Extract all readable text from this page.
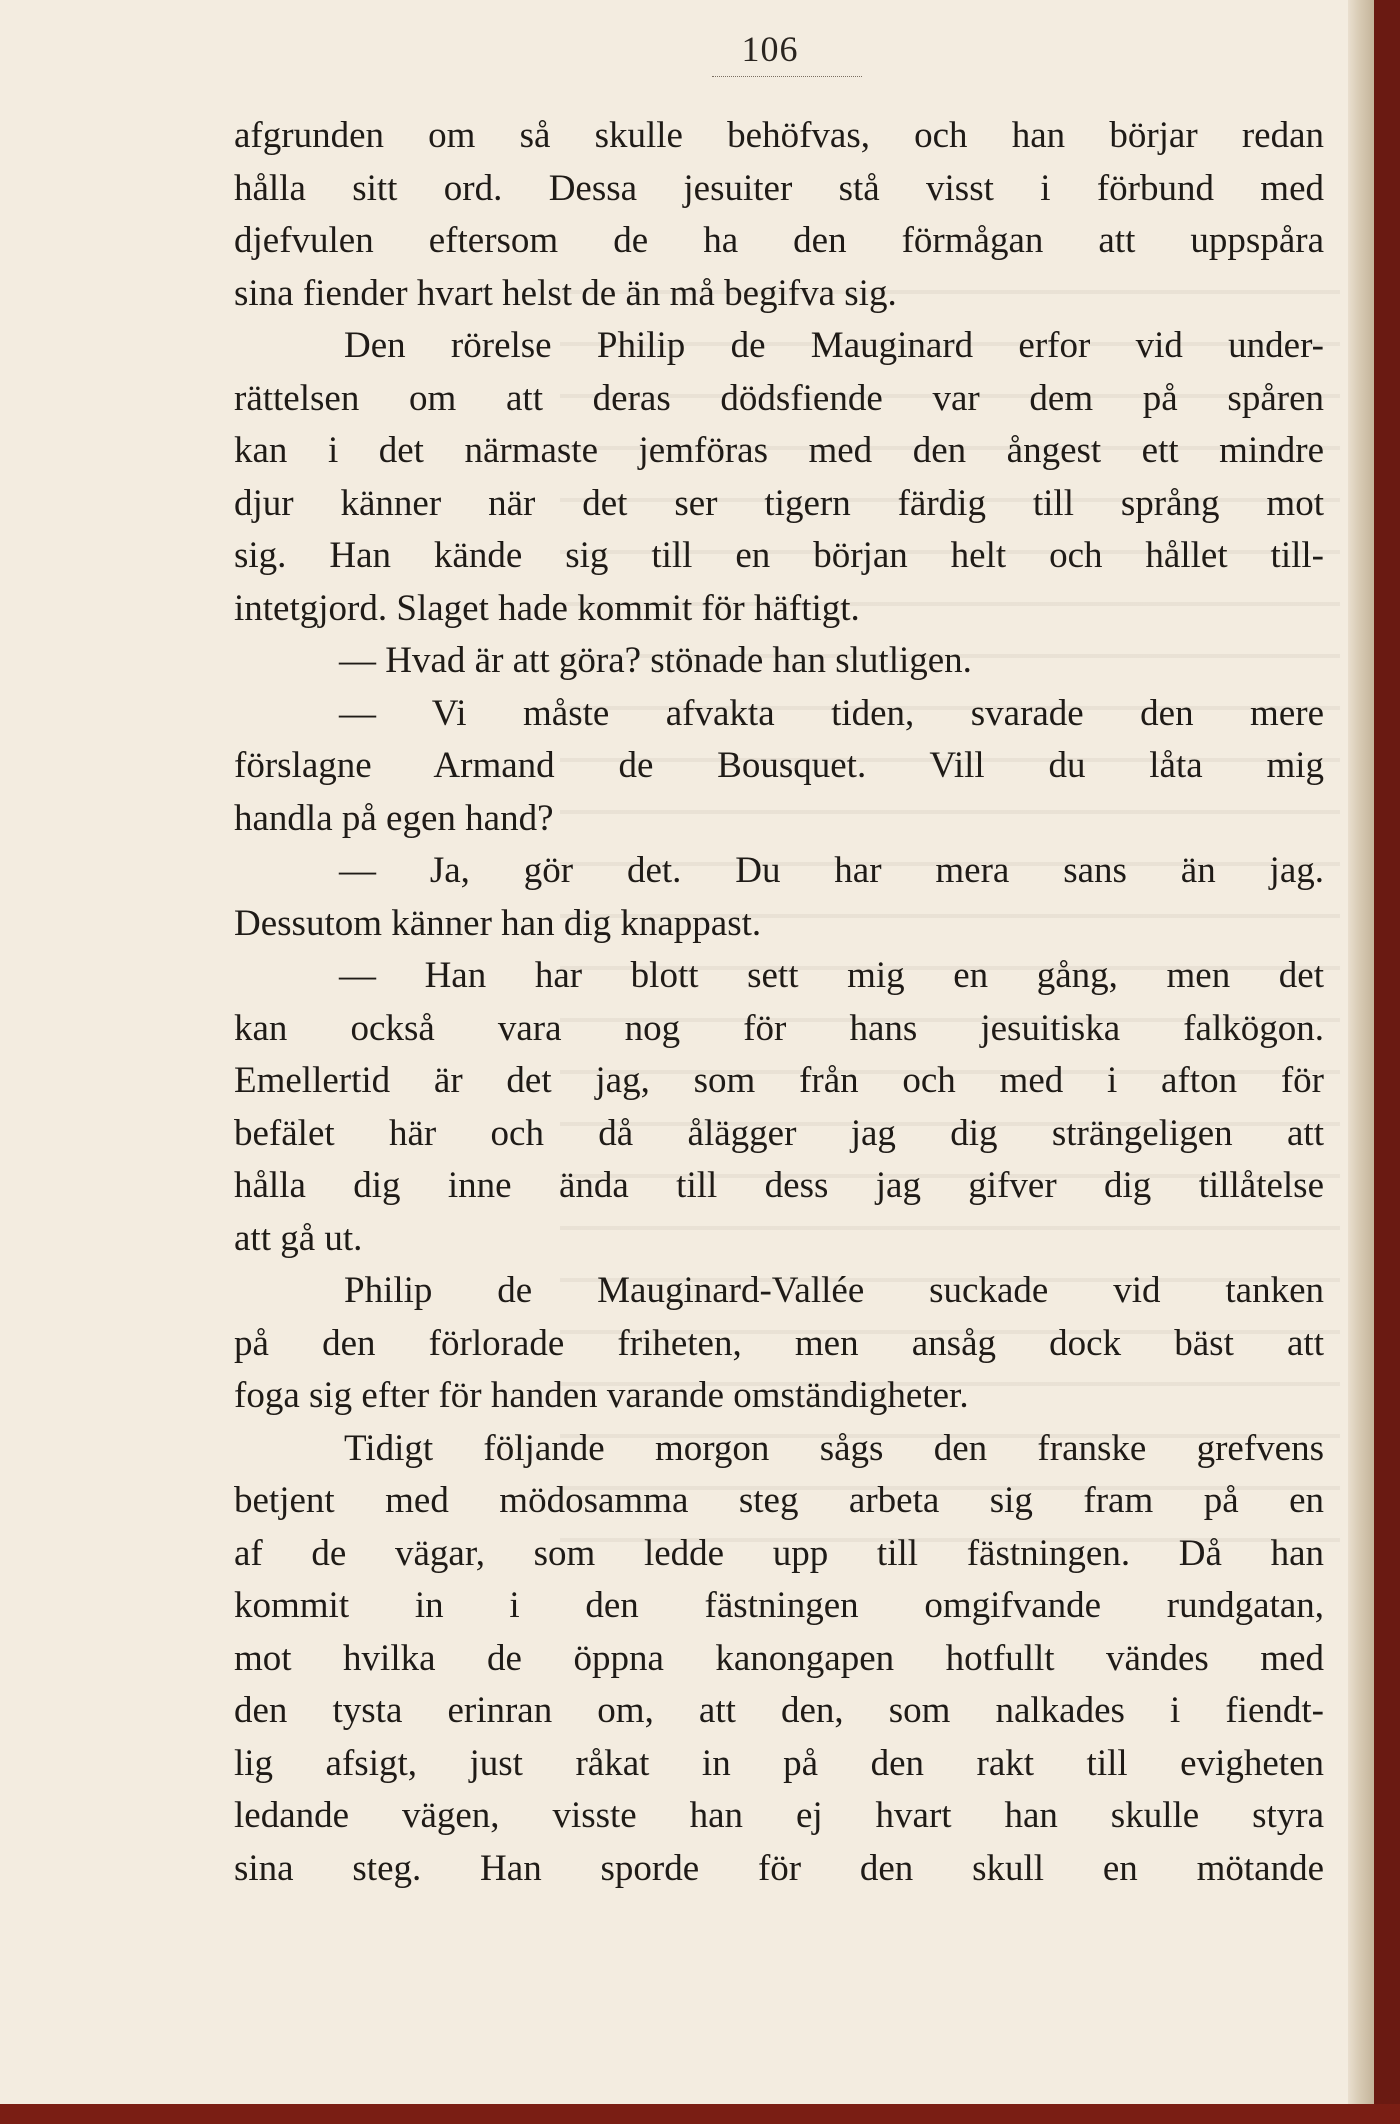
106
afgrunden om så skulle behöfvas, och han börjar redan
hålla sitt ord. Dessa jesuiter stå visst i förbund med
djefvulen eftersom de ha den förmågan att uppspåra
sina fiender hvart helst de än må begifva sig.
Den rörelse Philip de Mauginard erfor vid under-
rättelsen om att deras dödsfiende var dem på spåren
kan i det närmaste jemföras med den ångest ett mindre
djur känner när det ser tigern färdig till språng mot
sig. Han kände sig till en början helt och hållet till-
intetgjord. Slaget hade kommit för häftigt.
— Hvad är att göra? stönade han slutligen.
— Vi måste afvakta tiden, svarade den mere
förslagne Armand de Bousquet. Vill du låta mig
handla på egen hand?
— Ja, gör det. Du har mera sans än jag.
Dessutom känner han dig knappast.
— Han har blott sett mig en gång, men det
kan också vara nog för hans jesuitiska falkögon.
Emellertid är det jag, som från och med i afton för
befälet här och då ålägger jag dig strängeligen att
hålla dig inne ända till dess jag gifver dig tillåtelse
att gå ut.
Philip de Mauginard-Vallée suckade vid tanken
på den förlorade friheten, men ansåg dock bäst att
foga sig efter för handen varande omständigheter.
Tidigt följande morgon sågs den franske grefvens
betjent med mödosamma steg arbeta sig fram på en
af de vägar, som ledde upp till fästningen. Då han
kommit in i den fästningen omgifvande rundgatan,
mot hvilka de öppna kanongapen hotfullt vändes med
den tysta erinran om, att den, som nalkades i fiendt-
lig afsigt, just råkat in på den rakt till evigheten
ledande vägen, visste han ej hvart han skulle styra
sina steg. Han sporde för den skull en mötande
